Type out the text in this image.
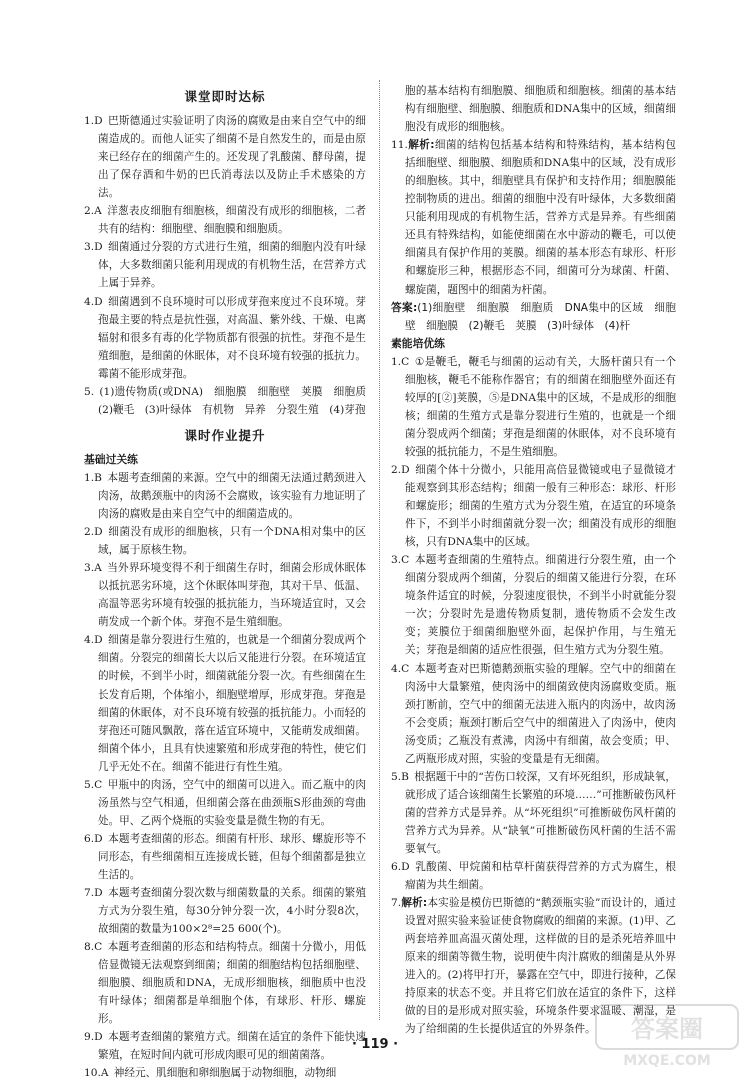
课堂即时达标

1.D 巴斯德通过实验证明了肉汤的腐败是由来自空气中的细菌造成的。而他人证实了细菌不是自然发生的，而是由原来已经存在的细菌产生的。还发现了乳酸菌、酵母菌，提出了保存酒和牛奶的巴氏消毒法以及防止手术感染的方法。

2.A 洋葱表皮细胞有细胞核，细菌没有成形的细胞核，二者共有的结构：细胞壁、细胞膜和细胞质。

3.D 细菌通过分裂的方式进行生殖，细菌的细胞内没有叶绿体，大多数细菌只能利用现成的有机物生活，在营养方式上属于异养。

4.D 细菌遇到不良环境时可以形成芽孢来度过不良环境。芽孢最主要的特点是抗性强，对高温、紫外线、干燥、电离辐射和很多有毒的化学物质都有很强的抗性。芽孢不是生殖细胞，是细菌的休眠体，对不良环境有较强的抵抗力。霉菌不能形成芽孢。

5. (1)遗传物质(或DNA)　细胞膜　细胞壁　荚膜　细胞质　(2)鞭毛　(3)叶绿体　有机物　异养　分裂生殖　(4)芽孢

课时作业提升
基础过关练

1.B 本题考查细菌的来源。空气中的细菌无法通过鹅颈进入肉汤，故鹅颈瓶中的肉汤不会腐败，该实验有力地证明了肉汤的腐败是由来自空气中的细菌造成的。

2.D 细菌没有成形的细胞核，只有一个DNA相对集中的区域，属于原核生物。

3.A 当外界环境变得不利于细菌生存时，细菌会形成休眠体以抵抗恶劣环境，这个休眠体叫芽孢，其对干旱、低温、高温等恶劣环境有较强的抵抗能力，当环境适宜时，又会萌发成一个新个体。芽孢不是生殖细胞。

4.D 细菌是靠分裂进行生殖的，也就是一个细菌分裂成两个细菌。分裂完的细菌长大以后又能进行分裂。在环境适宜的时候，不到半小时，细菌就能分裂一次。有些细菌在生长发育后期，个体缩小，细胞壁增厚，形成芽孢。芽孢是细菌的休眠体，对不良环境有较强的抵抗能力。小而轻的芽孢还可随风飘散，落在适宜环境中，又能萌发成细菌。细菌个体小，且具有快速繁殖和形成芽孢的特性，使它们几乎无处不在。细菌不能进行有性生殖。

5.C 甲瓶中的肉汤，空气中的细菌可以进入。而乙瓶中的肉汤虽然与空气相通，但细菌会落在曲颈瓶S形曲颈的弯曲处。甲、乙两个烧瓶的实验变量是微生物的有无。

6.D 本题考查细菌的形态。细菌有杆形、球形、螺旋形等不同形态，有些细菌相互连接成长链，但每个细菌都是独立生活的。

7.D 本题考查细菌分裂次数与细菌数量的关系。细菌的繁殖方式为分裂生殖，每30分钟分裂一次，4小时分裂8次，故细菌的数量为100×2⁸=25 600(个)。

8.C 本题考查细菌的形态和结构特点。细菌十分微小，用低倍显微镜无法观察到细菌；细菌的细胞结构包括细胞壁、细胞膜、细胞质和DNA，无成形细胞核，细胞质中也没有叶绿体；细菌都是单细胞个体，有球形、杆形、螺旋形。

9.D 本题考查细菌的繁殖方式。细菌在适宜的条件下能快速繁殖，在短时间内就可形成肉眼可见的细菌菌落。

10.A 神经元、肌细胞和卵细胞属于动物细胞，动物细

胞的基本结构有细胞膜、细胞质和细胞核。细菌的基本结构有细胞壁、细胞膜、细胞质和DNA集中的区域，细菌细胞没有成形的细胞核。

11.解析:细菌的结构包括基本结构和特殊结构，基本结构包括细胞壁、细胞膜、细胞质和DNA集中的区域，没有成形的细胞核。其中，细胞壁具有保护和支持作用；细胞膜能控制物质的进出。细菌的细胞中没有叶绿体，大多数细菌只能利用现成的有机物生活，营养方式是异养。有些细菌还具有特殊结构，如能使细菌在水中游动的鞭毛，可以使细菌具有保护作用的荚膜。细菌的基本形态有球形、杆形和螺旋形三种，根据形态不同，细菌可分为球菌、杆菌、螺旋菌，题图中的细菌为杆菌。

答案:(1)细胞壁　细胞膜　细胞质　DNA集中的区域　细胞壁　细胞膜　(2)鞭毛　荚膜　(3)叶绿体　(4)杆

素能培优练

1.C ①是鞭毛，鞭毛与细菌的运动有关，大肠杆菌只有一个细胞核，鞭毛不能称作器官；有的细菌在细胞壁外面还有较厚的[②]荚膜，⑤是DNA集中的区域，不是成形的细胞核；细菌的生殖方式是靠分裂进行生殖的，也就是一个细菌分裂成两个细菌；芽孢是细菌的休眠体，对不良环境有较强的抵抗能力，不是生殖细胞。

2.D 细菌个体十分微小，只能用高倍显微镜或电子显微镜才能观察到其形态结构；细菌一般有三种形态：球形、杆形和螺旋形；细菌的生殖方式为分裂生殖，在适宜的环境条件下，不到半小时细菌就分裂一次；细菌没有成形的细胞核，只有DNA集中的区域。

3.C 本题考查细菌的生殖特点。细菌进行分裂生殖，由一个细菌分裂成两个细菌，分裂后的细菌又能进行分裂，在环境条件适宜的时候，分裂速度很快，不到半小时就能分裂一次；分裂时先是遗传物质复制，遗传物质不会发生改变；荚膜位于细菌细胞壁外面，起保护作用，与生殖无关；芽孢是细菌的适应性很强，但生殖方式为分裂生殖。

4.C 本题考查对巴斯德鹅颈瓶实验的理解。空气中的细菌在肉汤中大量繁殖，使肉汤中的细菌致使肉汤腐败变质。瓶颈打断前，空气中的细菌无法进入瓶内的肉汤中，故肉汤不会变质；瓶颈打断后空气中的细菌进入了肉汤中，使肉汤变质；乙瓶没有煮沸，肉汤中有细菌，故会变质；甲、乙两瓶形成对照，实验的变量是有无细菌。

5.B 根据题干中的“苦伤口较深，又有坏死组织，形成缺氧，就形成了适合该细菌生长繁殖的环境……”可推断破伤风杆菌的营养方式是异养。从“坏死组织”可推断破伤风杆菌的营养方式为异养。从“缺氧”可推断破伤风杆菌的生活不需要氧气。

6.D 乳酸菌、甲烷菌和枯草杆菌获得营养的方式为腐生，根瘤菌为共生细菌。

7.解析:本实验是模仿巴斯德的“鹅颈瓶实验”而设计的，通过设置对照实验来验证使食物腐败的细菌的来源。(1)甲、乙两套培养皿高温灭菌处理，这样做的目的是杀死培养皿中原来的细菌等微生物，说明使牛肉汁腐败的细菌是从外界进入的。(2)将甲打开，暴露在空气中，即进行接种，乙保持原来的状态不变。并且将它们放在适宜的条件下，这样做的目的是形成对照实验，环境条件要求温暖、潮湿，是为了给细菌的生长提供适宜的外界条件。

· 119 ·
答案圈
MXQE.COM
